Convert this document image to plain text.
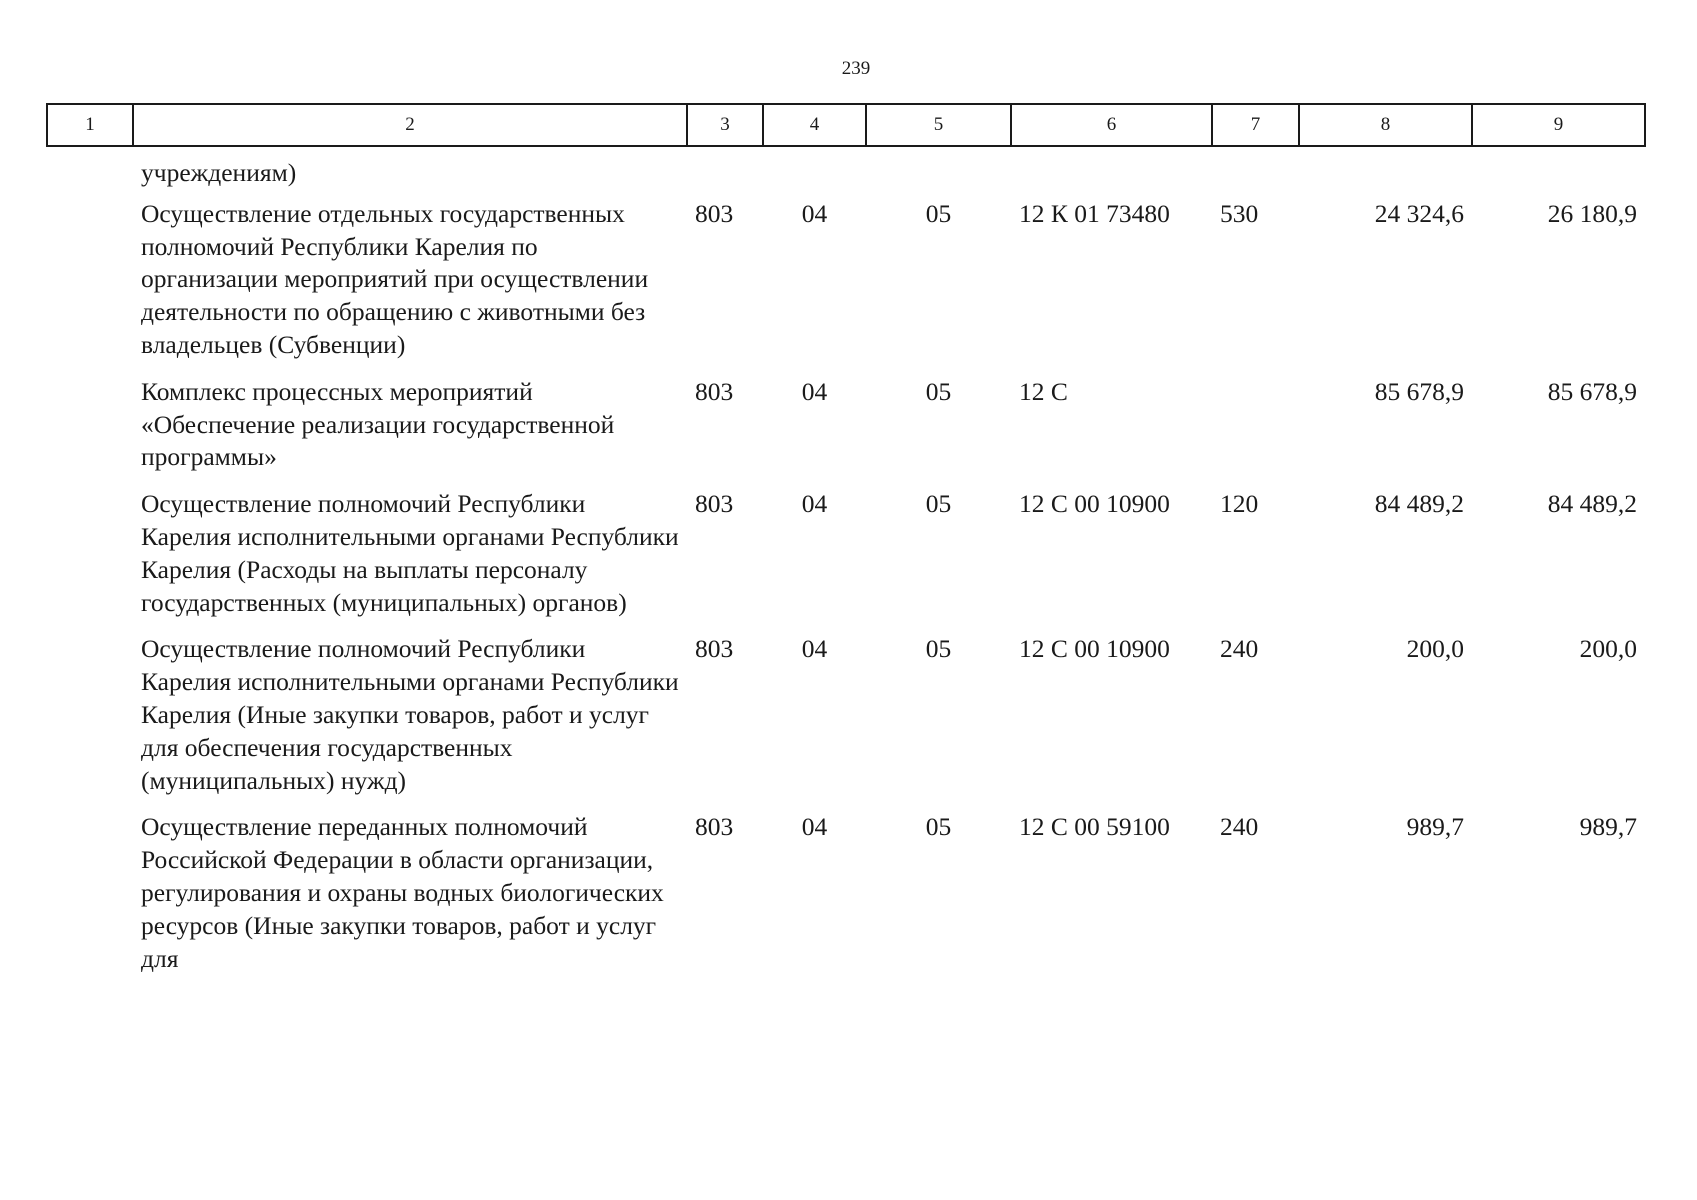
239
1	2	3	4	5	6	7	8	9
	учреждениям)							
	Осуществление отдельных государственных полномочий Республики Карелия по организации мероприятий при осуществлении деятельности по обращению с животными без владельцев (Субвенции)	803	04	05	12 К 01 73480	530	24 324,6	26 180,9
	Комплекс процессных мероприятий «Обеспечение реализации государственной программы»	803	04	05	12 С		85 678,9	85 678,9
	Осуществление полномочий Республики Карелия исполнительными органами Республики Карелия (Расходы на выплаты персоналу государственных (муниципальных) органов)	803	04	05	12 С 00 10900	120	84 489,2	84 489,2
	Осуществление полномочий Республики Карелия исполнительными органами Республики Карелия (Иные закупки товаров, работ и услуг для обеспечения государственных (муниципальных) нужд)	803	04	05	12 С 00 10900	240	200,0	200,0
	Осуществление переданных полномочий Российской Федерации в области организации, регулирования и охраны водных биологических ресурсов (Иные закупки товаров, работ и услуг для	803	04	05	12 С 00 59100	240	989,7	989,7
